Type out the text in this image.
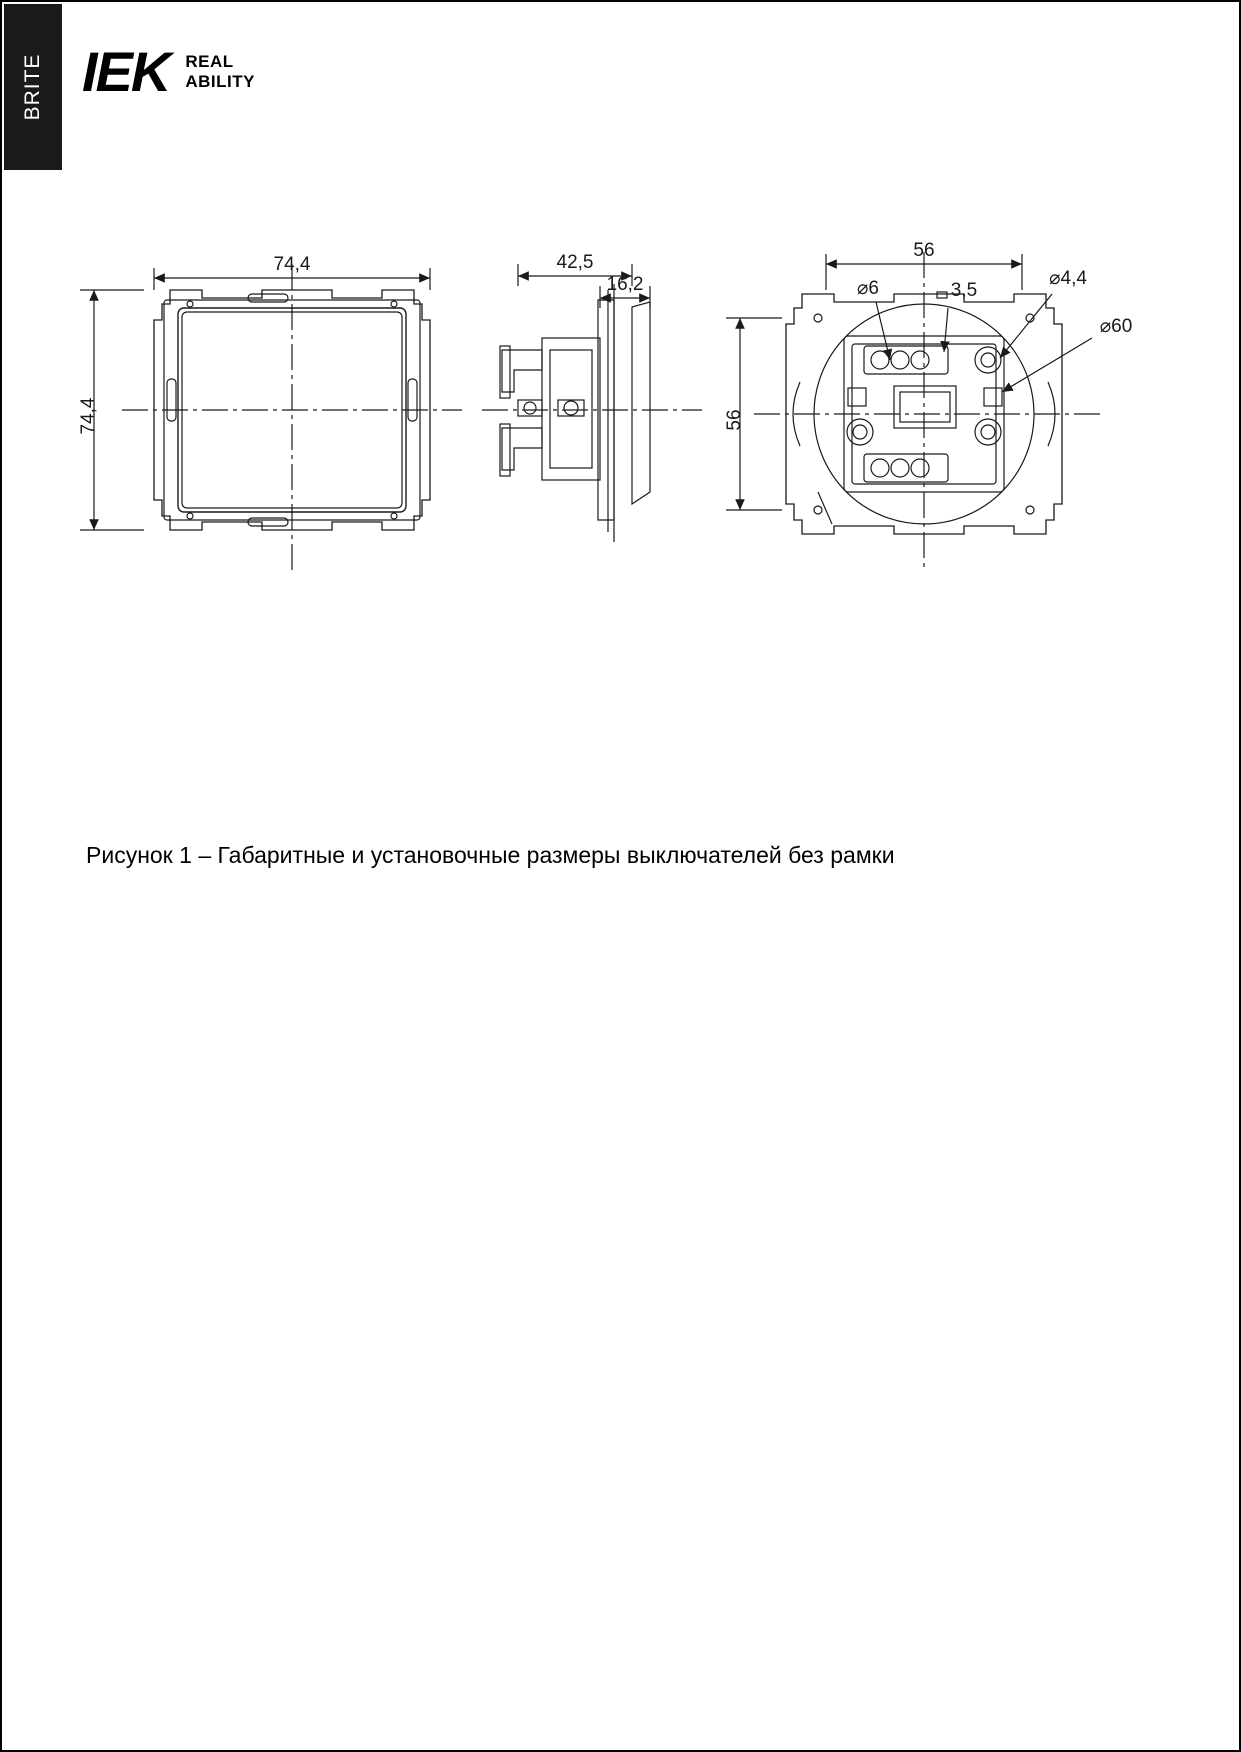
BRITE IEK REAL
ABILITY
74,4
74,4
42,5
16,2
56
56
⌀6	3,5
⌀4,4
⌀60
Рисунок 1 – Габаритные и установочные размеры выключателей без рамки
